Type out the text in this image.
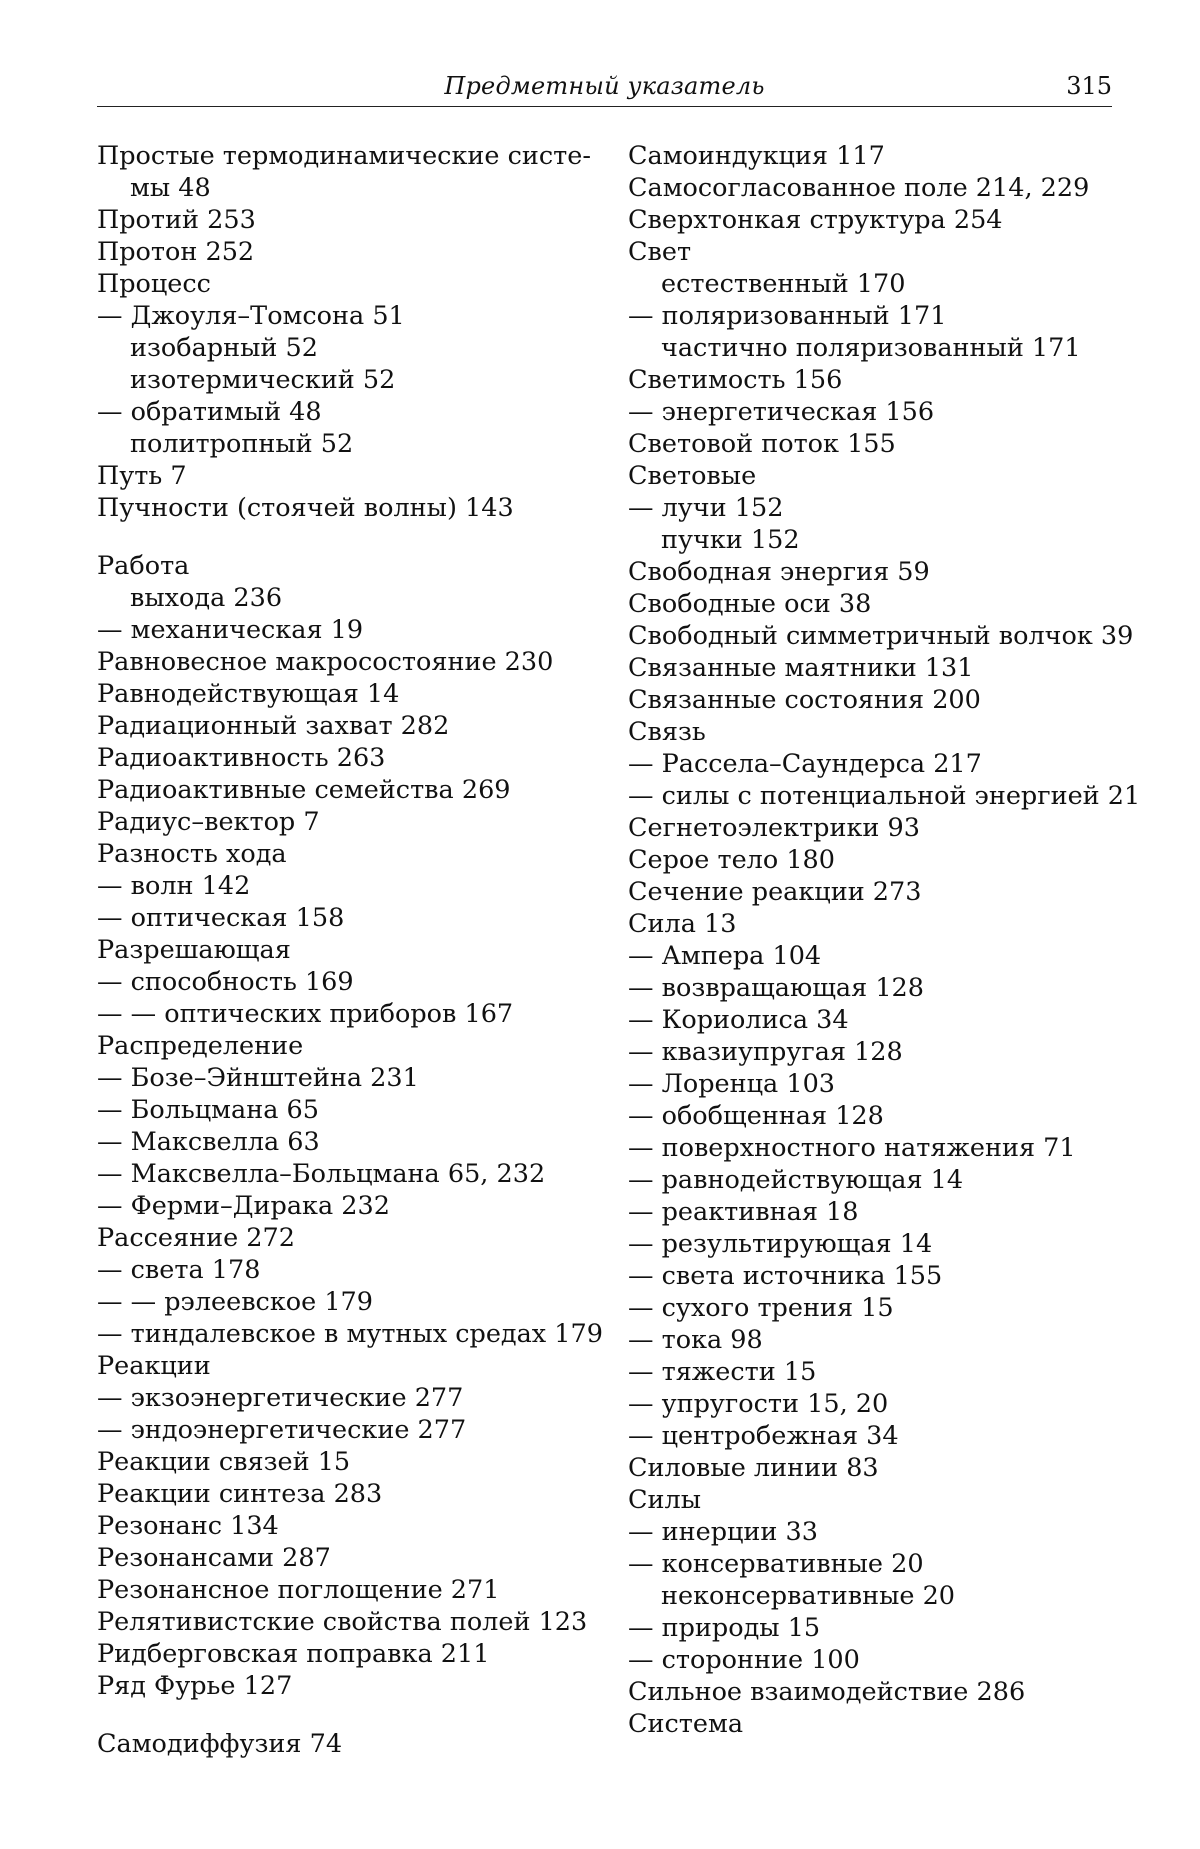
Предметный указатель	315
Простые термодинамические систе-
мы 48
Протий 253
Протон 252
Процесс
— Джоуля–Томсона 51
изобарный 52
изотермический 52
— обратимый 48
политропный 52
Путь 7
Пучности (стоячей волны) 143
Работа
выхода 236
— механическая 19
Равновесное макросостояние 230
Равнодействующая 14
Радиационный захват 282
Радиоактивность 263
Радиоактивные семейства 269
Радиус–вектор 7
Разность хода
— волн 142
— оптическая 158
Разрешающая
— способность 169
— — оптических приборов 167
Распределение
— Бозе–Эйнштейна 231
— Больцмана 65
— Максвелла 63
— Максвелла–Больцмана 65, 232
— Ферми–Дирака 232
Рассеяние 272
— света 178
— — рэлеевское 179
— тиндалевское в мутных средах 179
Реакции
— экзоэнергетические 277
— эндоэнергетические 277
Реакции связей 15
Реакции синтеза 283
Резонанс 134
Резонансами 287
Резонансное поглощение 271
Релятивистские свойства полей 123
Ридберговская поправка 211
Ряд Фурье 127
Самодиффузия 74
Самоиндукция 117
Самосогласованное поле 214, 229
Сверхтонкая структура 254
Свет
естественный 170
— поляризованный 171
частично поляризованный 171
Светимость 156
— энергетическая 156
Световой поток 155
Световые
— лучи 152
пучки 152
Свободная энергия 59
Свободные оси 38
Свободный симметричный волчок 39
Связанные маятники 131
Связанные состояния 200
Связь
— Рассела–Саундерса 217
— силы с потенциальной энергией 21
Сегнетоэлектрики 93
Серое тело 180
Сечение реакции 273
Сила 13
— Ампера 104
— возвращающая 128
— Кориолиса 34
— квазиупругая 128
— Лоренца 103
— обобщенная 128
— поверхностного натяжения 71
— равнодействующая 14
— реактивная 18
— результирующая 14
— света источника 155
— сухого трения 15
— тока 98
— тяжести 15
— упругости 15, 20
— центробежная 34
Силовые линии 83
Силы
— инерции 33
— консервативные 20
неконсервативные 20
— природы 15
— сторонние 100
Сильное взаимодействие 286
Система
